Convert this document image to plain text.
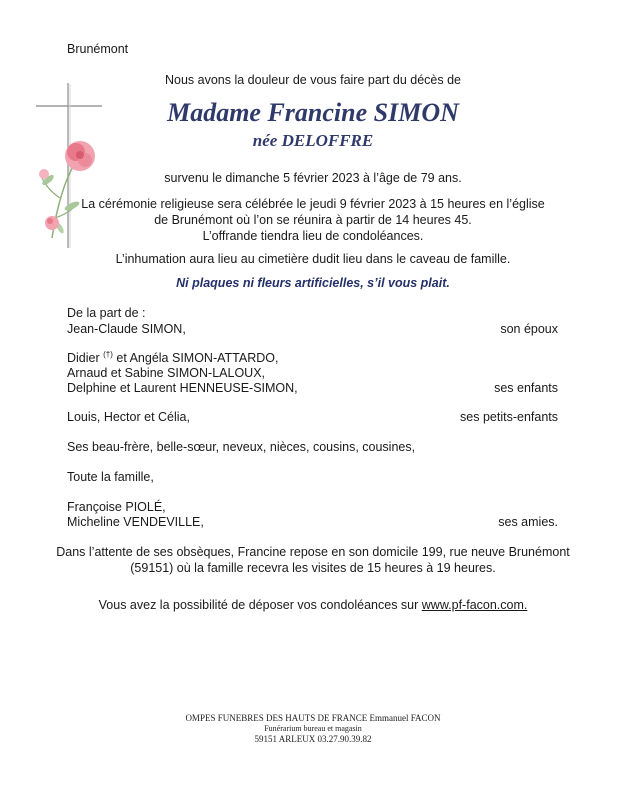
Brunémont
Nous avons la douleur de vous faire part du décès de
Madame Francine SIMON
née DELOFFRE
survenu le dimanche 5 février 2023 à l’âge de 79 ans.
La cérémonie religieuse sera célébrée le jeudi 9 février 2023 à 15 heures en l’église
de Brunémont où l’on se réunira à partir de 14 heures 45.
L’offrande tiendra lieu de condoléances.
L’inhumation aura lieu au cimetière dudit lieu dans le caveau de famille.
Ni plaques ni fleurs artificielles, s’il vous plait.
De la part de :
Jean-Claude SIMON,	son époux
Didier (†) et Angéla SIMON-ATTARDO,
Arnaud et Sabine SIMON-LALOUX,
Delphine et Laurent HENNEUSE-SIMON,	ses enfants
Louis, Hector et Célia,	ses petits-enfants
Ses beau-frère, belle-sœur, neveux, nièces, cousins, cousines,
Toute la famille,
Françoise PIOLÉ,
Micheline VENDEVILLE,	ses amies.
Dans l’attente de ses obsèques, Francine repose en son domicile 199, rue neuve Brunémont
(59151) où la famille recevra les visites de 15 heures à 19 heures.
Vous avez la possibilité de déposer vos condoléances sur www.pf-facon.com.
OMPES FUNEBRES DES HAUTS DE FRANCE Emmanuel FACON
Funérarium bureau et magasin
59151 ARLEUX 03.27.90.39.82
